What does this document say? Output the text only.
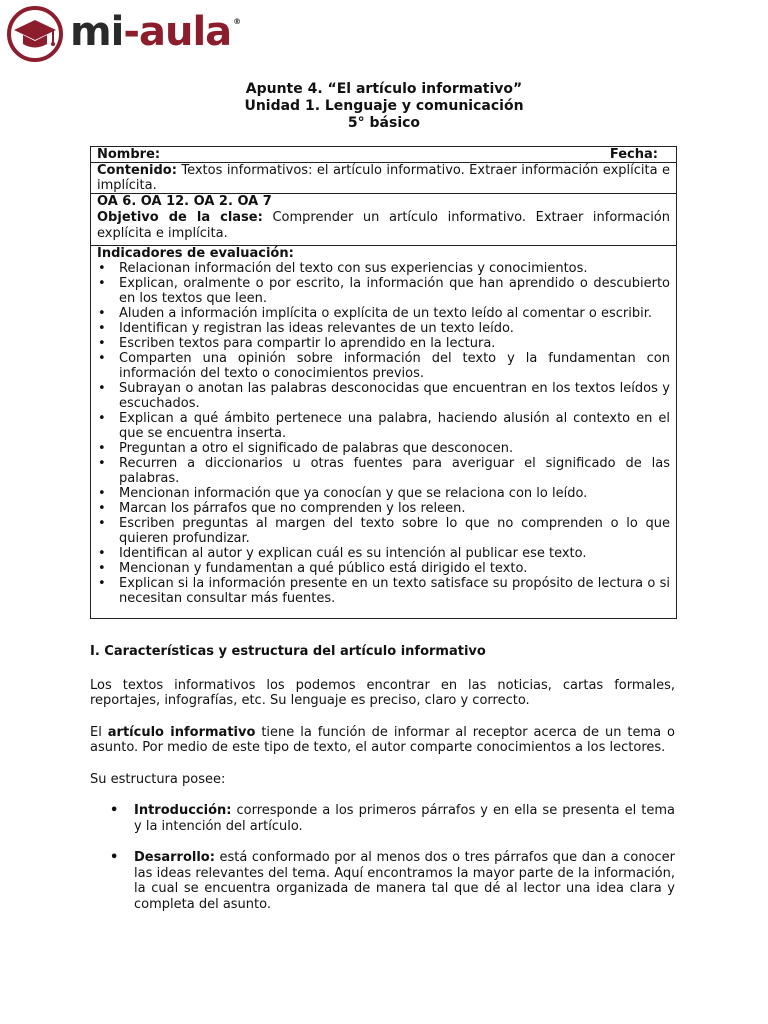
mi-aula ®
Apunte 4. “El artículo informativo”
Unidad 1. Lenguaje y comunicación
5° básico
Nombre:	Fecha:
Contenido: Textos informativos: el artículo informativo. Extraer información explícita e implícita.
OA 6. OA 12. OA 2. OA 7
Objetivo de la clase: Comprender un artículo informativo. Extraer información explícita e implícita.
Indicadores de evaluación:
• Relacionan información del texto con sus experiencias y conocimientos.
• Explican, oralmente o por escrito, la información que han aprendido o descubierto en los textos que leen.
• Aluden a información implícita o explícita de un texto leído al comentar o escribir.
• Identifican y registran las ideas relevantes de un texto leído.
• Escriben textos para compartir lo aprendido en la lectura.
• Comparten una opinión sobre información del texto y la fundamentan con información del texto o conocimientos previos.
• Subrayan o anotan las palabras desconocidas que encuentran en los textos leídos y escuchados.
• Explican a qué ámbito pertenece una palabra, haciendo alusión al contexto en el que se encuentra inserta.
• Preguntan a otro el significado de palabras que desconocen.
• Recurren a diccionarios u otras fuentes para averiguar el significado de las palabras.
• Mencionan información que ya conocían y que se relaciona con lo leído.
• Marcan los párrafos que no comprenden y los releen.
• Escriben preguntas al margen del texto sobre lo que no comprenden o lo que quieren profundizar.
• Identifican al autor y explican cuál es su intención al publicar ese texto.
• Mencionan y fundamentan a qué público está dirigido el texto.
• Explican si la información presente en un texto satisface su propósito de lectura o si necesitan consultar más fuentes.

I. Características y estructura del artículo informativo

Los textos informativos los podemos encontrar en las noticias, cartas formales, reportajes, infografías, etc. Su lenguaje es preciso, claro y correcto.

El artículo informativo tiene la función de informar al receptor acerca de un tema o asunto. Por medio de este tipo de texto, el autor comparte conocimientos a los lectores.

Su estructura posee:

• Introducción: corresponde a los primeros párrafos y en ella se presenta el tema y la intención del artículo.
• Desarrollo: está conformado por al menos dos o tres párrafos que dan a conocer las ideas relevantes del tema. Aquí encontramos la mayor parte de la información, la cual se encuentra organizada de manera tal que dé al lector una idea clara y completa del asunto.
